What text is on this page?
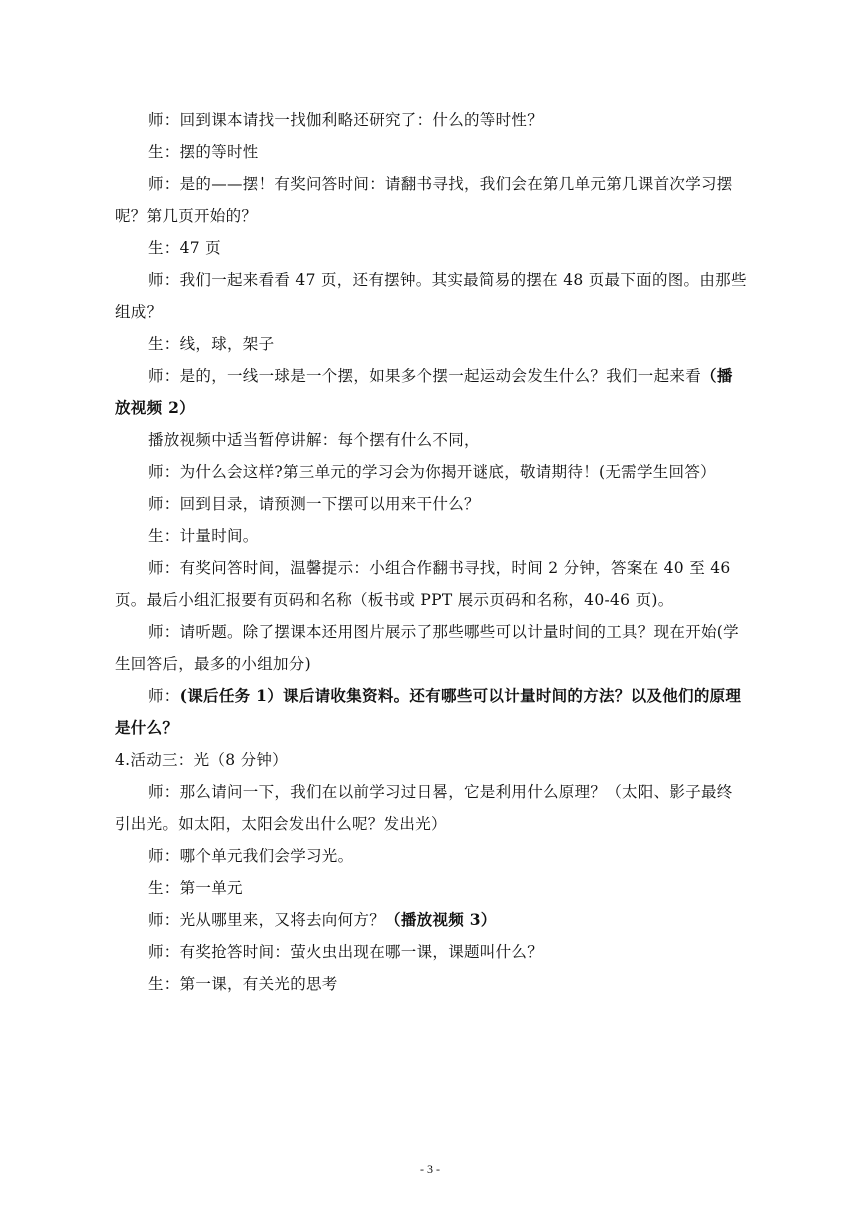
师：回到课本请找一找伽利略还研究了：什么的等时性？

生：摆的等时性

师：是的——摆！有奖问答时间：请翻书寻找，我们会在第几单元第几课首次学习摆呢？第几页开始的？

生：47 页

师：我们一起来看看 47 页，还有摆钟。其实最简易的摆在 48 页最下面的图。由那些组成？

生：线，球，架子

师：是的，一线一球是一个摆，如果多个摆一起运动会发生什么？我们一起来看（播放视频 2）

播放视频中适当暂停讲解：每个摆有什么不同，

师：为什么会这样?第三单元的学习会为你揭开谜底，敬请期待！(无需学生回答）

师：回到目录，请预测一下摆可以用来干什么？

生：计量时间。

师：有奖问答时间，温馨提示：小组合作翻书寻找，时间 2 分钟，答案在 40 至 46 页。最后小组汇报要有页码和名称（板书或 PPT 展示页码和名称，40-46 页)。

师：请听题。除了摆课本还用图片展示了那些哪些可以计量时间的工具？现在开始(学生回答后，最多的小组加分)

师：(课后任务 1）课后请收集资料。还有哪些可以计量时间的方法？以及他们的原理是什么？

4.活动三：光（8 分钟）

师：那么请问一下，我们在以前学习过日晷，它是利用什么原理？（太阳、影子最终引出光。如太阳，太阳会发出什么呢？发出光）

师：哪个单元我们会学习光。

生：第一单元

师：光从哪里来，又将去向何方？（播放视频 3）

师：有奖抢答时间：萤火虫出现在哪一课，课题叫什么？

生：第一课，有关光的思考

- 3 -
